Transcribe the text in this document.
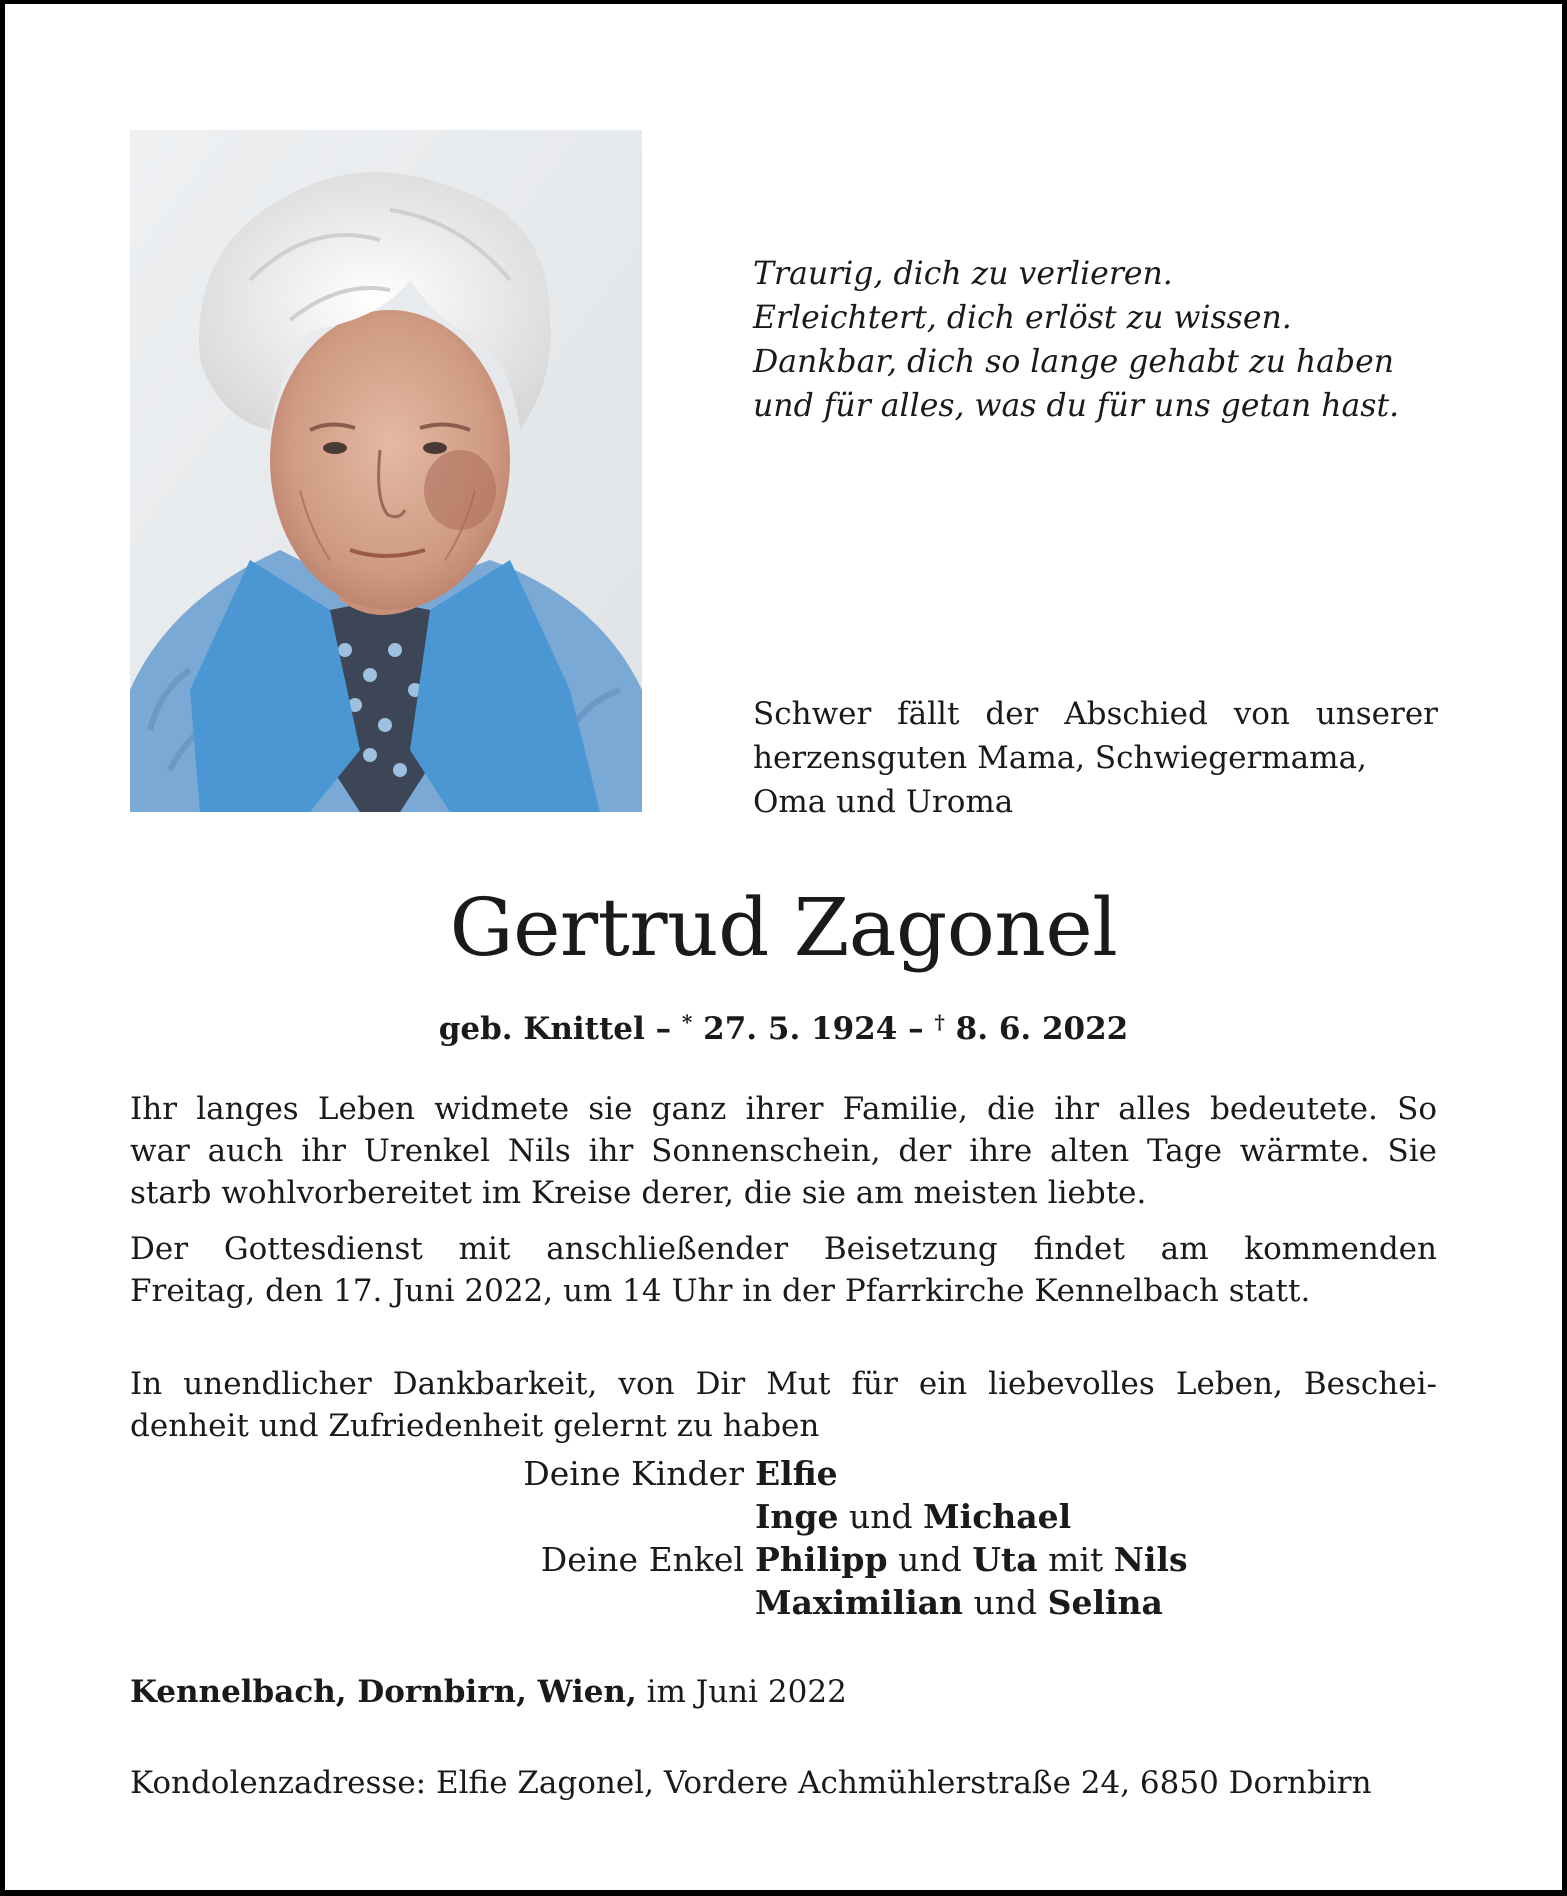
Traurig, dich zu verlieren.
Erleichtert, dich erlöst zu wissen.
Dankbar, dich so lange gehabt zu haben
und für alles, was du für uns getan hast.
Schwer fällt der Abschied von unserer
herzensguten Mama, Schwiegermama,
Oma und Uroma
Gertrud Zagonel
geb. Knittel – * 27. 5. 1924 – † 8. 6. 2022
Ihr langes Leben widmete sie ganz ihrer Familie, die ihr alles bedeutete. So
war auch ihr Urenkel Nils ihr Sonnenschein, der ihre alten Tage wärmte. Sie
starb wohlvorbereitet im Kreise derer, die sie am meisten liebte.
Der Gottesdienst mit anschließender Beisetzung findet am kommenden
Freitag, den 17. Juni 2022, um 14 Uhr in der Pfarrkirche Kennelbach statt.
In unendlicher Dankbarkeit, von Dir Mut für ein liebevolles Leben, Beschei-
denheit und Zufriedenheit gelernt zu haben
Deine Kinder Elfie
Inge und Michael
Deine Enkel Philipp und Uta mit Nils
Maximilian und Selina
Kennelbach, Dornbirn, Wien, im Juni 2022
Kondolenzadresse: Elfie Zagonel, Vordere Achmühlerstraße 24, 6850 Dornbirn
